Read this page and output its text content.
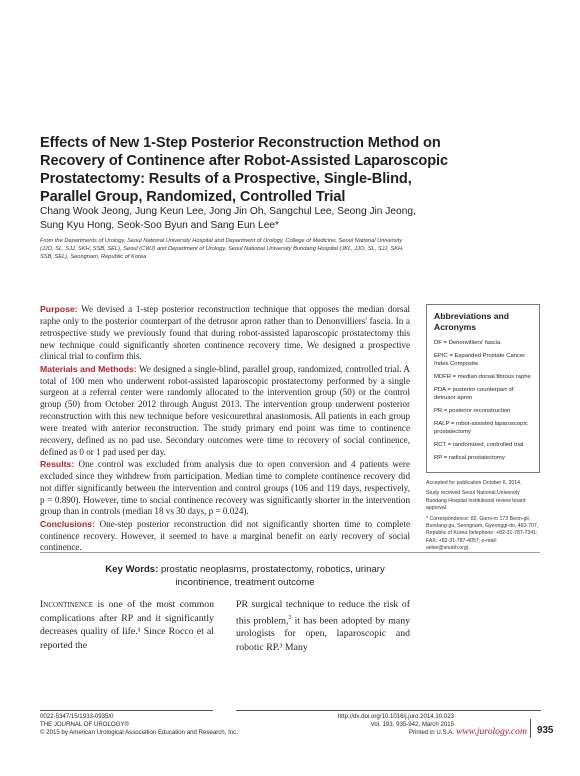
Effects of New 1-Step Posterior Reconstruction Method on Recovery of Continence after Robot-Assisted Laparoscopic Prostatectomy: Results of a Prospective, Single-Blind, Parallel Group, Randomized, Controlled Trial
Chang Wook Jeong, Jung Keun Lee, Jong Jin Oh, Sangchul Lee, Seong Jin Jeong, Sung Kyu Hong, Seok-Soo Byun and Sang Eun Lee*
From the Departments of Urology, Seoul National University Hospital and Department of Urology, College of Medicine, Seoul National University (JJO, SL, SJJ, SKH, SSB, SEL), Seoul (CWJ) and Department of Urology, Seoul National University Bundang Hospital (JKL, JJO, SL, SJJ, SKH, SSB, SEL), Seongnam, Republic of Korea

Purpose: We devised a 1-step posterior reconstruction technique that opposes the median dorsal raphe only to the posterior counterpart of the detrusor apron rather than to Denonvilliers' fascia. In a retrospective study we previously found that during robot-assisted laparoscopic prostatectomy this new technique could significantly shorten continence recovery time. We designed a prospective clinical trial to confirm this.

Materials and Methods: We designed a single-blind, parallel group, randomized, controlled trial. A total of 100 men who underwent robot-assisted laparoscopic prostatectomy performed by a single surgeon at a referral center were randomly allocated to the intervention group (50) or the control group (50) from October 2012 through August 2013. The intervention group underwent posterior reconstruction with this new technique before vesicourethral anastomosis. All patients in each group were treated with anterior reconstruction. The study primary end point was time to continence recovery, defined as no pad use. Secondary outcomes were time to recovery of social continence, defined as 0 or 1 pad used per day.

Results: One control was excluded from analysis due to open conversion and 4 patients were excluded since they withdrew from participation. Median time to complete continence recovery did not differ significantly between the intervention and control groups (106 and 119 days, respectively, p = 0.890). However, time to social continence recovery was significantly shorter in the intervention group than in controls (median 18 vs 30 days, p = 0.024).

Conclusions: One-step posterior reconstruction did not significantly shorten time to complete continence recovery. However, it seemed to have a marginal benefit on early recovery of social continence.

Abbreviations and Acronyms
DF = Denonvilliers' fascia
EPIC = Expanded Prostate Cancer Index Composite
MDFR = median dorsal fibrous raphe
PDA = posterior counterpart of detrusor apron
PR = posterior reconstruction
RALP = robot-assisted laparoscopic prostatectomy
RCT = randomized, controlled trial
RP = radical prostatectomy

Accepted for publication October 6, 2014.

Study received Seoul National University Bundang Hospital institutional review board approval.

* Correspondence: 82, Gumi-ro 173 Beon-gil, Bundang-gu, Seongnam, Gyeonggi-do, 463-707, Republic of Korea (telephone: +82-31-787-7341; FAX: +82-31-787-4057; e-mail: selee@snubh.org).

Key Words: prostatic neoplasms, prostatectomy, robotics, urinary incontinence, treatment outcome
Incontinence is one of the most common complications after RP and it significantly decreases quality of life.¹ Since Rocco et al reported the
PR surgical technique to reduce the risk of this problem,$^2$ it has been adopted by many urologists for open, laparoscopic and robotic RP.³ Many
0022-5347/15/1933-0935/0
THE JOURNAL OF UROLOGY®
© 2015 by American Urological Association Education and Research, Inc.
http://dx.doi.org/10.1016/j.juro.2014.10.023
Vol. 193, 935-942, March 2015
Printed in U.S.A. www.jurology.com 935
